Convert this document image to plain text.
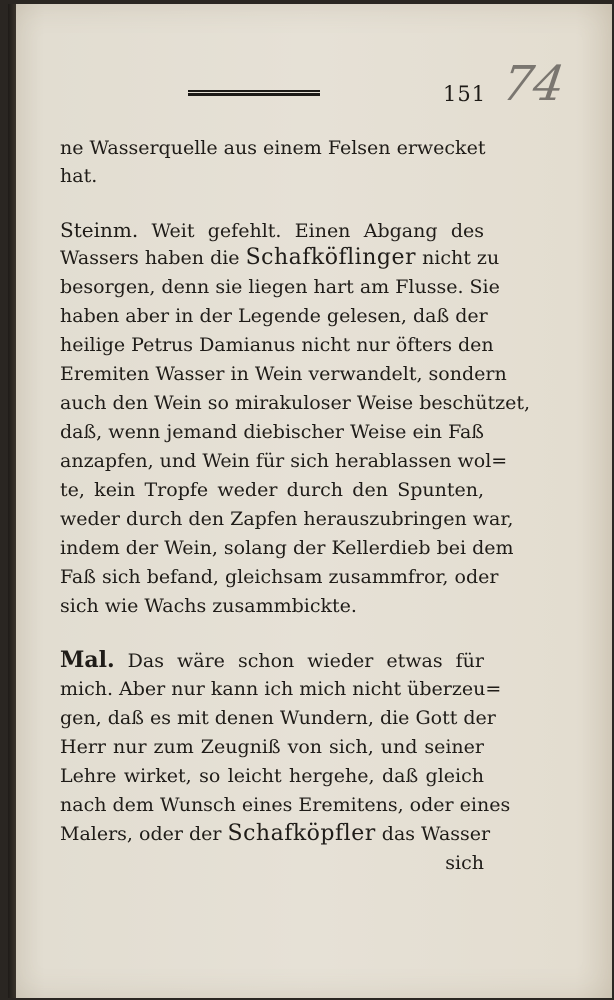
151 74
ne Wasserquelle aus einem Felsen erwecket
hat.
Steinm. Weit gefehlt. Einen Abgang des
Wassers haben die Schafköflinger nicht zu
besorgen, denn sie liegen hart am Flusse. Sie
haben aber in der Legende gelesen, daß der
heilige Petrus Damianus nicht nur öfters den
Eremiten Wasser in Wein verwandelt, sondern
auch den Wein so mirakuloser Weise beschützet,
daß, wenn jemand diebischer Weise ein Faß
anzapfen, und Wein für sich herablassen wol=
te, kein Tropfe weder durch den Spunten,
weder durch den Zapfen herauszubringen war,
indem der Wein, solang der Kellerdieb bei dem
Faß sich befand, gleichsam zusammfror, oder
sich wie Wachs zusammbickte.
Mal. Das wäre schon wieder etwas für
mich. Aber nur kann ich mich nicht überzeu=
gen, daß es mit denen Wundern, die Gott der
Herr nur zum Zeugniß von sich, und seiner
Lehre wirket, so leicht hergehe, daß gleich
nach dem Wunsch eines Eremitens, oder eines
Malers, oder der Schafköpfler das Wasser
sich
